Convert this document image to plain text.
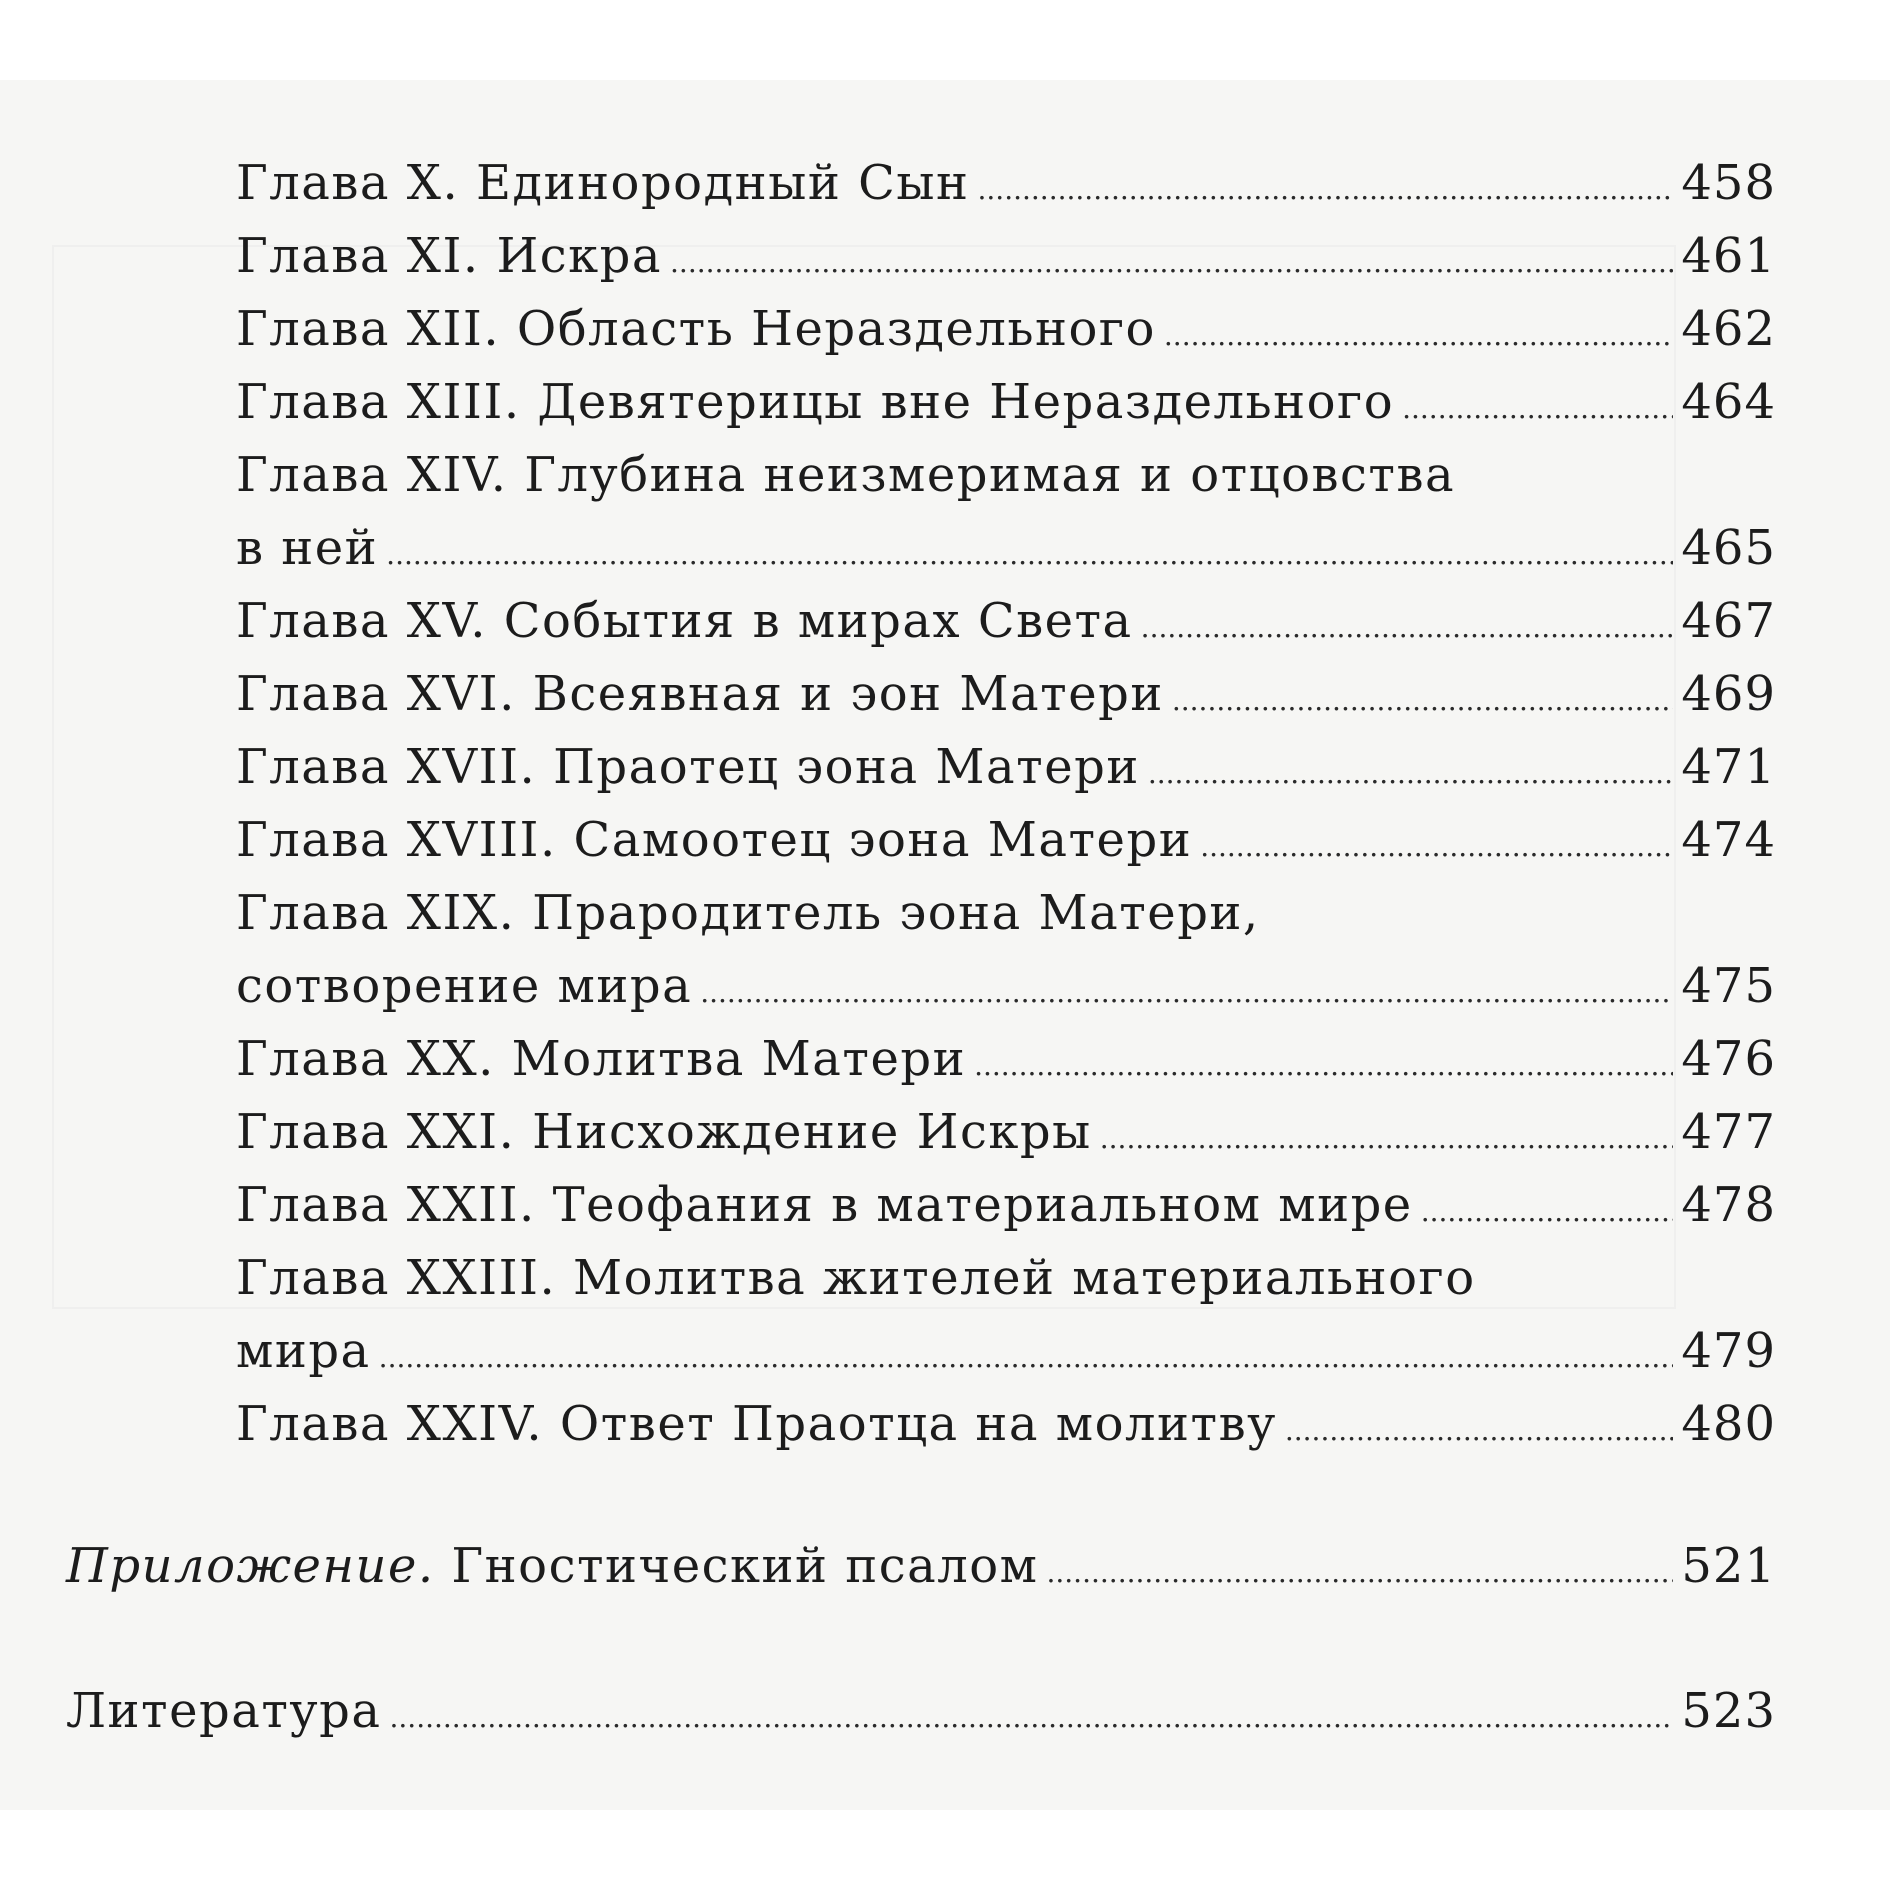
Глава X. Единородный Сын .....	458
Глава XI. Искра .....	461
Глава XII. Область Нераздельного .....	462
Глава XIII. Девятерицы вне Нераздельного .....	464
Глава XIV. Глубина неизмеримая и отцовства
в ней .....	465
Глава XV. События в мирах Света .....	467
Глава XVI. Всеявная и эон Матери .....	469
Глава XVII. Праотец эона Матери .....	471
Глава XVIII. Самоотец эона Матери .....	474
Глава XIX. Прародитель эона Матери,
сотворение мира .....	475
Глава XX. Молитва Матери .....	476
Глава XXI. Нисхождение Искры .....	477
Глава XXII. Теофания в материальном мире .....	478
Глава XXIII. Молитва жителей материального
мира .....	479
Глава XXIV. Ответ Праотца на молитву .....	480
Приложение. Гностический псалом .....	521
Литература .....	523
